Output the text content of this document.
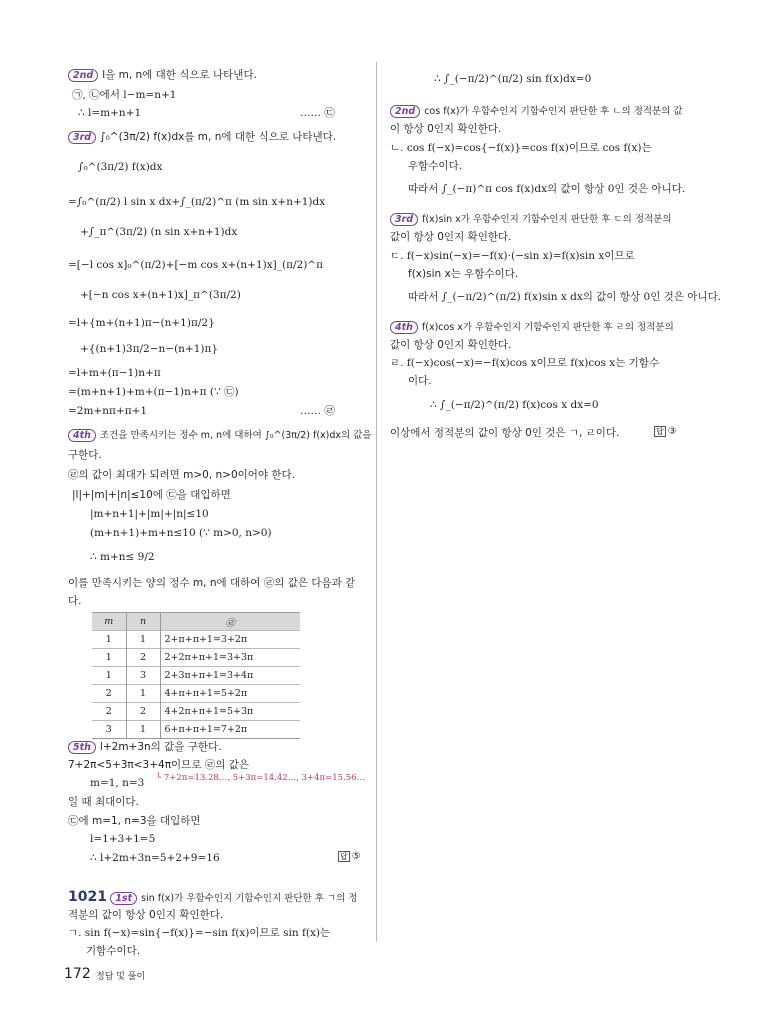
2nd l을 m, n에 대한 식으로 나타낸다.
㉠, ㉡에서 l−m=n+1
∴ l=m+n+1	…… ㉢
3rd ∫₀^(3π/2) f(x)dx를 m, n에 대한 식으로 나타낸다.
∫₀^(3π/2) f(x)dx
=∫₀^(π/2) l sin x dx+∫_(π/2)^π (m sin x+n+1)dx
+∫_π^(3π/2) (n sin x+n+1)dx
=[−l cos x]₀^(π/2)+[−m cos x+(n+1)x]_(π/2)^π
+[−n cos x+(n+1)x]_π^(3π/2)
=l+{m+(n+1)π−(n+1)π/2}
+{(n+1)3π/2−n−(n+1)π}
=l+m+(π−1)n+π
=(m+n+1)+m+(π−1)n+π (∵ ㉢)
=2m+nπ+π+1	…… ㉣
4th 조건을 만족시키는 정수 m, n에 대하여 ∫₀^(3π/2) f(x)dx의 값을
구한다.
㉣의 값이 최대가 되려면 m>0, n>0이어야 한다.
|l|+|m|+|n|≤10에 ㉢을 대입하면
|m+n+1|+|m|+|n|≤10
(m+n+1)+m+n≤10 (∵ m>0, n>0)
∴ m+n≤ 9/2
이를 만족시키는 양의 정수 m, n에 대하여 ㉣의 값은 다음과 같
다.
m	n	㉣
1	1	2+π+π+1=3+2π
1	2	2+2π+π+1=3+3π
1	3	2+3π+π+1=3+4π
2	1	4+π+π+1=5+2π
2	2	4+2π+π+1=5+3π
3	1	6+π+π+1=7+2π
5th l+2m+3n의 값을 구한다.
7+2π<5+3π<3+4π이므로 ㉣의 값은
m=1, n=3 └ 7+2π=13.28…, 5+3π=14.42…, 3+4π=15.56…
일 때 최대이다.
㉢에 m=1, n=3을 대입하면
l=1+3+1=5
∴ l+2m+3n=5+2+9=16	답 ⑤
1021 1st sin f(x)가 우함수인지 기함수인지 판단한 후 ㄱ의 정
적분의 값이 항상 0인지 확인한다.
ㄱ. sin f(−x)=sin{−f(x)}=−sin f(x)이므로 sin f(x)는
기함수이다.
∴ ∫_(−π/2)^(π/2) sin f(x)dx=0
2nd cos f(x)가 우함수인지 기함수인지 판단한 후 ㄴ의 정적분의 값
이 항상 0인지 확인한다.
ㄴ. cos f(−x)=cos{−f(x)}=cos f(x)이므로 cos f(x)는
우함수이다.
따라서 ∫_(−π)^π cos f(x)dx의 값이 항상 0인 것은 아니다.
3rd f(x)sin x가 우함수인지 기함수인지 판단한 후 ㄷ의 정적분의
값이 항상 0인지 확인한다.
ㄷ. f(−x)sin(−x)=−f(x)·(−sin x)=f(x)sin x이므로
f(x)sin x는 우함수이다.
따라서 ∫_(−π/2)^(π/2) f(x)sin x dx의 값이 항상 0인 것은 아니다.
4th f(x)cos x가 우함수인지 기함수인지 판단한 후 ㄹ의 정적분의
값이 항상 0인지 확인한다.
ㄹ. f(−x)cos(−x)=−f(x)cos x이므로 f(x)cos x는 기함수
이다.
∴ ∫_(−π/2)^(π/2) f(x)cos x dx=0
이상에서 정적분의 값이 항상 0인 것은 ㄱ, ㄹ이다.	답 ③
172 정답 및 풀이
